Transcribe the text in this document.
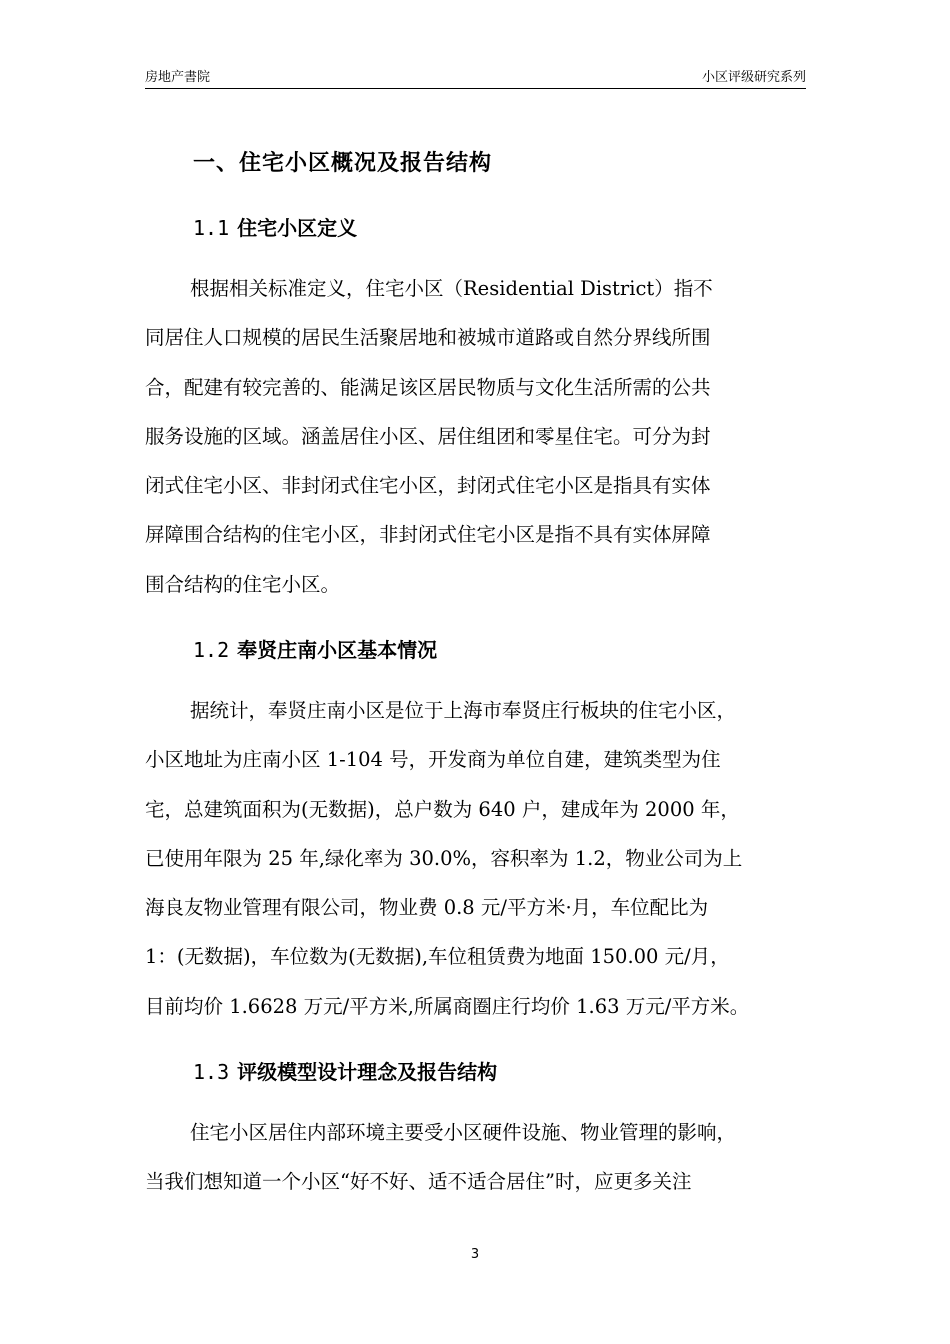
房地产書院	小区评级研究系列
一、住宅小区概况及报告结构
1.1 住宅小区定义
根据相关标准定义，住宅小区（Residential District）指不
同居住人口规模的居民生活聚居地和被城市道路或自然分界线所围
合，配建有较完善的、能满足该区居民物质与文化生活所需的公共
服务设施的区域。涵盖居住小区、居住组团和零星住宅。可分为封
闭式住宅小区、非封闭式住宅小区，封闭式住宅小区是指具有实体
屏障围合结构的住宅小区，非封闭式住宅小区是指不具有实体屏障
围合结构的住宅小区。
1.2 奉贤庄南小区基本情况
据统计，奉贤庄南小区是位于上海市奉贤庄行板块的住宅小区，
小区地址为庄南小区 1-104 号，开发商为单位自建，建筑类型为住
宅，总建筑面积为(无数据)，总户数为 640 户，建成年为 2000 年，
已使用年限为 25 年,绿化率为 30.0%，容积率为 1.2，物业公司为上
海良友物业管理有限公司，物业费 0.8 元/平方米·月，车位配比为
1：(无数据)，车位数为(无数据),车位租赁费为地面 150.00 元/月，
目前均价 1.6628 万元/平方米,所属商圈庄行均价 1.63 万元/平方米。
1.3 评级模型设计理念及报告结构
住宅小区居住内部环境主要受小区硬件设施、物业管理的影响，
当我们想知道一个小区“好不好、适不适合居住”时，应更多关注
3
